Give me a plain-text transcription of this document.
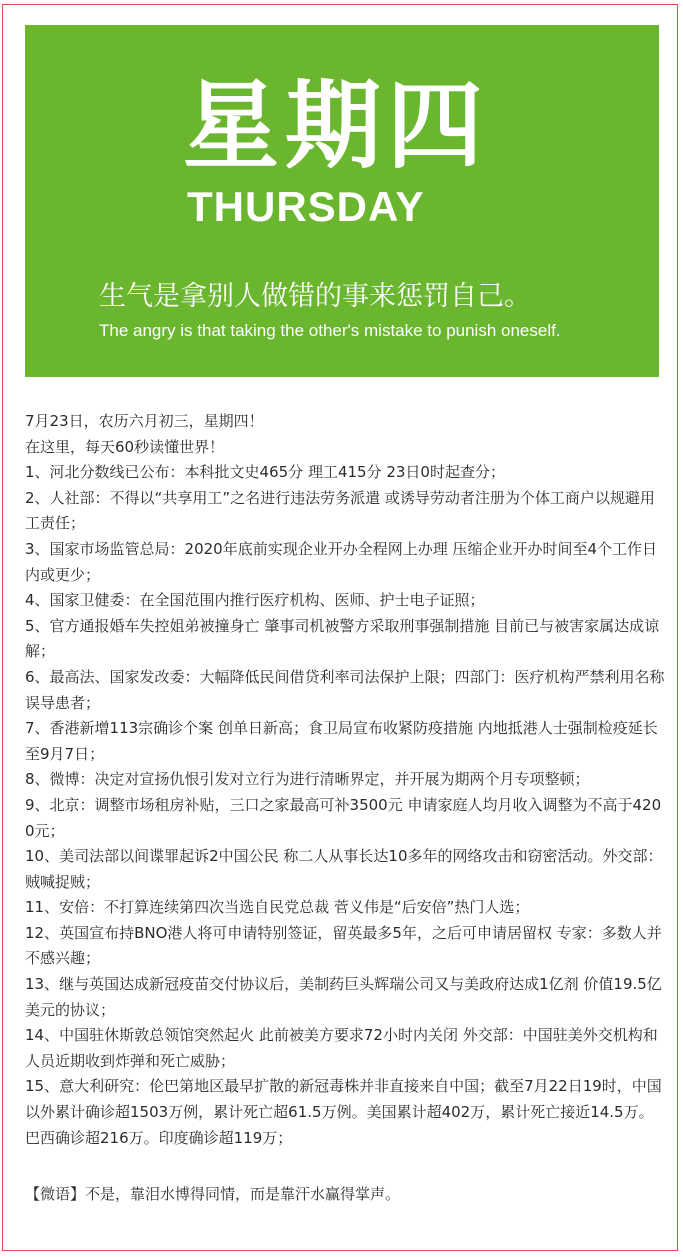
星期四
THURSDAY
生气是拿别人做错的事来惩罚自己。
The angry is that taking the other's mistake to punish oneself.

7月23日，农历六月初三，星期四！

在这里，每天60秒读懂世界！

1、河北分数线已公布：本科批文史465分 理工415分 23日0时起查分；

2、人社部：不得以“共享用工”之名进行违法劳务派遣 或诱导劳动者注册为个体工商户以规避用工责任；

3、国家市场监管总局：2020年底前实现企业开办全程网上办理 压缩企业开办时间至4个工作日内或更少；

4、国家卫健委：在全国范围内推行医疗机构、医师、护士电子证照；

5、官方通报婚车失控姐弟被撞身亡 肇事司机被警方采取刑事强制措施 目前已与被害家属达成谅解；

6、最高法、国家发改委：大幅降低民间借贷利率司法保护上限；四部门：医疗机构严禁利用名称误导患者；

7、香港新增113宗确诊个案 创单日新高；食卫局宣布收紧防疫措施 内地抵港人士强制检疫延长至9月7日；

8、微博：决定对宣扬仇恨引发对立行为进行清晰界定，并开展为期两个月专项整顿；

9、北京：调整市场租房补贴，三口之家最高可补3500元 申请家庭人均月收入调整为不高于4200元；

10、美司法部以间谍罪起诉2中国公民 称二人从事长达10多年的网络攻击和窃密活动。外交部：贼喊捉贼；

11、安倍：不打算连续第四次当选自民党总裁 菅义伟是“后安倍”热门人选；

12、英国宣布持BNO港人将可申请特别签证，留英最多5年，之后可申请居留权 专家：多数人并不感兴趣；

13、继与英国达成新冠疫苗交付协议后，美制药巨头辉瑞公司又与美政府达成1亿剂 价值19.5亿美元的协议；

14、中国驻休斯敦总领馆突然起火 此前被美方要求72小时内关闭 外交部：中国驻美外交机构和人员近期收到炸弹和死亡威胁；

15、意大利研究：伦巴第地区最早扩散的新冠毒株并非直接来自中国；截至7月22日19时，中国以外累计确诊超1503万例，累计死亡超61.5万例。美国累计超402万，累计死亡接近14.5万。巴西确诊超216万。印度确诊超119万；

【微语】不是，靠泪水博得同情，而是靠汗水赢得掌声。
